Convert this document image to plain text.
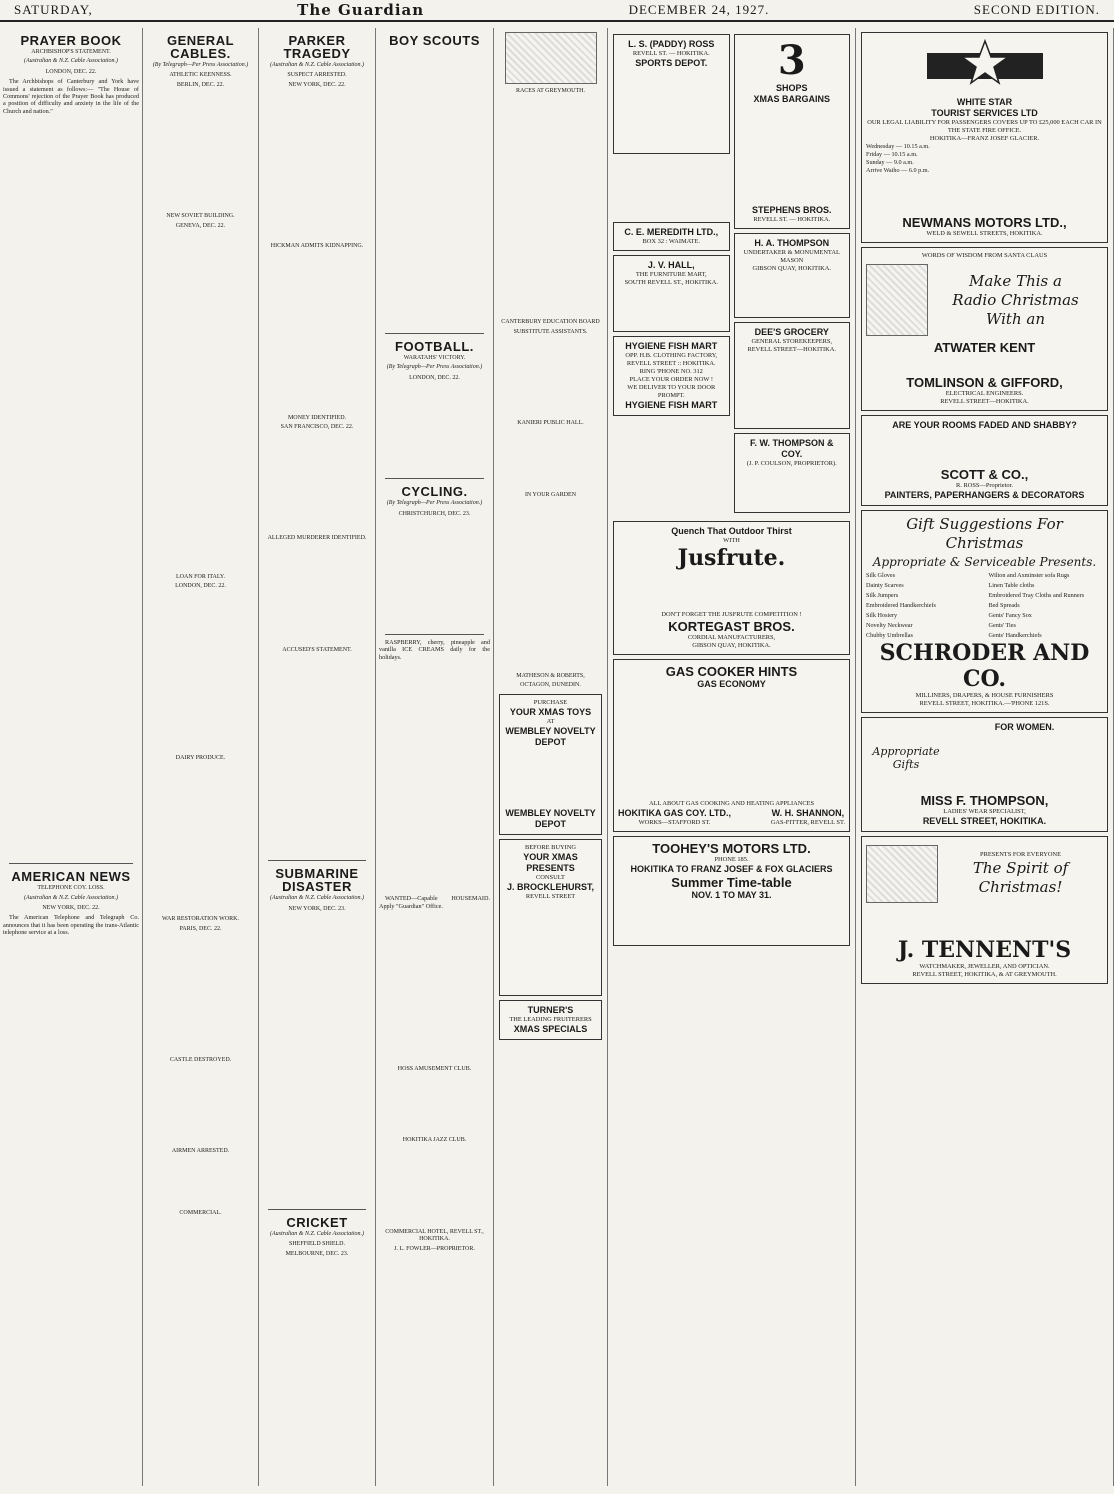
SATURDAY,	The Guardian	DECEMBER 24, 1927.	SECOND EDITION.
PRAYER BOOK
ARCHBISHOP'S STATEMENT.
(Australian & N.Z. Cable Association.)
LONDON, DEC. 22.

The Archbishops of Canterbury and York have issued a statement as follows:— "The House of Commons' rejection of the Prayer Book has produced a position of difficulty and anxiety in the life of the Church and nation."

AMERICAN NEWS
TELEPHONE COY. LOSS.
(Australian & N.Z. Cable Association.)
NEW YORK, DEC. 22.

The American Telephone and Telegraph Co. announces that it has been operating the trans-Atlantic telephone service at a loss.

GENERAL CABLES.
(By Telegraph—Per Press Association.)
ATHLETIC KEENNESS.
BERLIN, DEC. 22.
NEW SOVIET BUILDING.
GENEVA, DEC. 22.
LOAN FOR ITALY.
LONDON, DEC. 22.
DAIRY PRODUCE.
WAR RESTORATION WORK.
PARIS, DEC. 22.
CASTLE DESTROYED.
AIRMEN ARRESTED.
COMMERCIAL.
PARKER TRAGEDY
(Australian & N.Z. Cable Association.)
SUSPECT ARRESTED.
NEW YORK, DEC. 22.
HICKMAN ADMITS KIDNAPPING.
MONEY IDENTIFIED.
SAN FRANCISCO, DEC. 22.
ALLEGED MURDERER IDENTIFIED.
ACCUSED'S STATEMENT.
SUBMARINE DISASTER
(Australian & N.Z. Cable Association.)
NEW YORK, DEC. 23.
CRICKET
(Australian & N.Z. Cable Association.)
SHEFFIELD SHIELD.
MELBOURNE, DEC. 23.
BOY SCOUTS
FOOTBALL.
WARATAHS' VICTORY.
(By Telegraph—Per Press Association.)
LONDON, DEC. 22.
CYCLING.
(By Telegraph—Per Press Association.)
CHRISTCHURCH, DEC. 23.

RASPBERRY, cherry, pineapple and vanilla ICE CREAMS daily for the holidays.

WANTED—Capable HOUSEMAID. Apply "Guardian" Office.

HOSS AMUSEMENT CLUB.
HOKITIKA JAZZ CLUB.
COMMERCIAL HOTEL, REVELL ST., HOKITIKA.
J. L. FOWLER—PROPRIETOR.
RACES AT GREYMOUTH.
CANTERBURY EDUCATION BOARD
SUBSTITUTE ASSISTANTS.
KANIERI PUBLIC HALL.
IN YOUR GARDEN
MATHESON & ROBERTS,
OCTAGON, DUNEDIN.
PURCHASE
YOUR XMAS TOYS
AT
WEMBLEY NOVELTY DEPOT
WEMBLEY NOVELTY DEPOT
BEFORE BUYING
YOUR XMAS PRESENTS
CONSULT
J. BROCKLEHURST,
REVELL STREET
TURNER'S
THE LEADING FRUITERERS
XMAS SPECIALS
L. S. (PADDY) ROSS
REVELL ST. — HOKITIKA.
SPORTS DEPOT.
C. E. MEREDITH LTD.,
BOX 32 : WAIMATE.
J. V. HALL,
THE FURNITURE MART,
SOUTH REVELL ST., HOKITIKA.
HYGIENE FISH MART
OPP. H.B. CLOTHING FACTORY,
REVELL STREET :: HOKITIKA.
RING 'PHONE NO. 312
PLACE YOUR ORDER NOW !
WE DELIVER TO YOUR DOOR
PROMPT.
HYGIENE FISH MART
3
SHOPS
XMAS BARGAINS
STEPHENS BROS.
REVELL ST. — HOKITIKA.
H. A. THOMPSON
UNDERTAKER & MONUMENTAL MASON
GIBSON QUAY, HOKITIKA.
DEE'S GROCERY
GENERAL STOREKEEPERS, REVELL STREET—HOKITIKA.
F. W. THOMPSON & COY.
(J. P. COULSON, PROPRIETOR).
Quench That Outdoor Thirst
WITH
Jusfrute.
DON'T FORGET THE JUSFRUTE COMPETITION !
KORTEGAST BROS.
CORDIAL MANUFACTURERS,
GIBSON QUAY, HOKITIKA.
GAS COOKER HINTS
GAS ECONOMY
ALL ABOUT GAS COOKING AND HEATING APPLIANCES
HOKITIKA GAS COY. LTD.,
WORKS—STAFFORD ST.
W. H. SHANNON,
GAS-FITTER, REVELL ST.
TOOHEY'S MOTORS LTD.
PHONE 185.
HOKITIKA TO FRANZ JOSEF & FOX GLACIERS
Summer Time-table
NOV. 1 TO MAY 31.
WHITE STAR
TOURIST SERVICES LTD
OUR LEGAL LIABILITY FOR PASSENGERS COVERS UP TO £25,000 EACH CAR IN THE STATE FIRE OFFICE.
HOKITIKA—FRANZ JOSEF GLACIER.
Wednesday — 10.15 a.m.
Friday — 10.15 a.m.
Sunday — 9.0 a.m.
Arrive Waiho — 6.0 p.m.
NEWMANS MOTORS LTD.,
WELD & SEWELL STREETS, HOKITIKA.
WORDS OF WISDOM FROM SANTA CLAUS
Make This a
Radio Christmas
With an
ATWATER KENT
TOMLINSON & GIFFORD,
ELECTRICAL ENGINEERS.
REVELL STREET—HOKITIKA.
ARE YOUR ROOMS FADED AND SHABBY?
SCOTT & CO.,
R. ROSS—Proprietor.
PAINTERS, PAPERHANGERS & DECORATORS
Gift Suggestions For Christmas
Appropriate & Serviceable Presents.
Silk Gloves	Wilton and Axminster sofa Rugs
Dainty Scarves	Linen Table cloths
Silk Jumpers	Embroidered Tray Cloths and Runners
Embroidered Handkerchiefs	Bed Spreads
Silk Hosiery	Gents' Fancy Sox
Novelty Neckwear	Gents' Ties
Chubby Umbrellas	Gents' Handkerchiefs
SCHRODER AND CO.
MILLINERS, DRAPERS, & HOUSE FURNISHERS
REVELL STREET, HOKITIKA.—'PHONE 121S.
Appropriate Gifts
FOR WOMEN.
MISS F. THOMPSON,
LADIES' WEAR SPECIALIST,
REVELL STREET, HOKITIKA.
PRESENTS FOR EVERYONE
The Spirit of Christmas!
J. TENNENT'S
WATCHMAKER, JEWELLER, AND OPTICIAN.
REVELL STREET, HOKITIKA, & AT GREYMOUTH.
